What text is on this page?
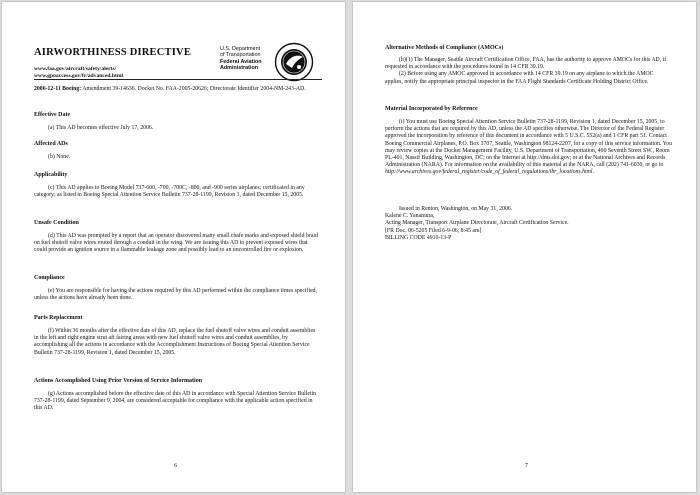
AIRWORTHINESS DIRECTIVE
www.faa.gov/aircraft/safety/alerts/
www.gpoaccess.gov/fr/advanced.html
U.S. Department
of Transportation
Federal Aviation
Administration

2006-12-11 Boeing: Amendment 39-14636. Docket No. FAA-2005-20626; Directorate Identifier 2004-NM-243-AD.

Effective Date

(a) This AD becomes effective July 17, 2006.

Affected ADs

(b) None.

Applicability

(c) This AD applies to Boeing Model 737-600, -700, -700C, -800, and -900 series airplanes; certificated in any category; as listed in Boeing Special Attention Service Bulletin 737-28-1199, Revision 1, dated December 15, 2005.

Unsafe Condition

(d) This AD was prompted by a report that an operator discovered many small chafe marks and exposed shield braid on fuel shutoff valve wires routed through a conduit in the wing. We are issuing this AD to prevent exposed wires that could provide an ignition source in a flammable leakage zone and possibly lead to an uncontrolled fire or explosion.

Compliance

(e) You are responsible for having the actions required by this AD performed within the compliance times specified, unless the actions have already been done.

Parts Replacement

(f) Within 36 months after the effective date of this AD, replace the fuel shutoff valve wires and conduit assemblies in the left and right engine strut aft fairing areas with new fuel shutoff valve wires and conduit assemblies, by accomplishing all the actions in accordance with the Accomplishment Instructions of Boeing Special Attention Service Bulletin 737-28-1199, Revision 1, dated December 15, 2005.

Actions Accomplished Using Prior Version of Service Information

(g) Actions accomplished before the effective date of this AD in accordance with Special Attention Service Bulletin 737-28-1199, dated September 9, 2004, are considered acceptable for compliance with the applicable action specified in this AD.

6

Alternative Methods of Compliance (AMOCs)

(h)(1) The Manager, Seattle Aircraft Certification Office, FAA, has the authority to approve AMOCs for this AD, if requested in accordance with the procedures found in 14 CFR 39.19.

(2) Before using any AMOC approved in accordance with 14 CFR 39.19 on any airplane to which the AMOC applies, notify the appropriate principal inspector in the FAA Flight Standards Certificate Holding District Office.

Material Incorporated by Reference

(i) You must use Boeing Special Attention Service Bulletin 737-28-1199, Revision 1, dated December 15, 2005, to perform the actions that are required by this AD, unless the AD specifies otherwise. The Director of the Federal Register approved the incorporation by reference of this document in accordance with 5 U.S.C. 552(a) and 1 CFR part 51. Contact Boeing Commercial Airplanes, P.O. Box 3707, Seattle, Washington 98124-2207, for a copy of this service information. You may review copies at the Docket Management Facility, U.S. Department of Transportation, 400 Seventh Street SW., Room PL-401, Nassif Building, Washington, DC; on the Internet at http://dms.dot.gov; or at the National Archives and Records Administration (NARA). For information on the availability of this material at the NARA, call (202) 741-6030, or go to http://www.archives.gov/federal_register/code_of_federal_regulations/ibr_locations.html.

Issued in Renton, Washington, on May 31, 2006.

Kalene C. Yanamura,

Acting Manager, Transport Airplane Directorate, Aircraft Certification Service.

[FR Doc. 06-5205 Filed 6-9-06; 8:45 am]

BILLING CODE 4910-13-P

7
